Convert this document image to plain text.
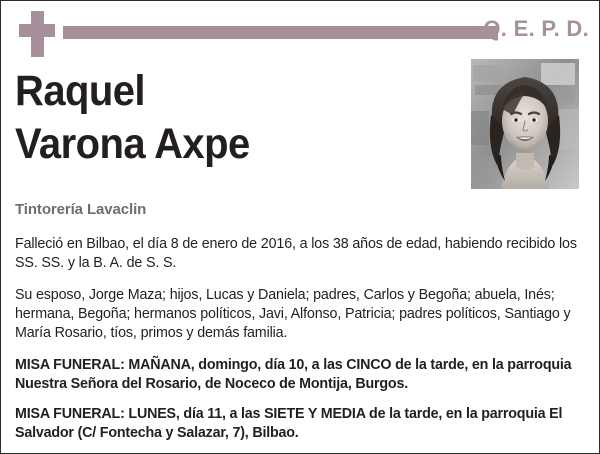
Q. E. P. D.
Raquel
Varona Axpe
Tintorería Lavaclin

Falleció en Bilbao, el día 8 de enero de 2016, a los 38 años de edad, habiendo recibido los SS. SS. y la B. A. de S. S.

Su esposo, Jorge Maza; hijos, Lucas y Daniela; padres, Carlos y Begoña; abuela, Inés; hermana, Begoña; hermanos políticos, Javi, Alfonso, Patricia; padres políticos, Santiago y María Rosario, tíos, primos y demás familia.

MISA FUNERAL: MAÑANA, domingo, día 10, a las CINCO de la tarde, en la parroquia Nuestra Señora del Rosario, de Noceco de Montija, Burgos.

MISA FUNERAL: LUNES, día 11, a las SIETE Y MEDIA de la tarde, en la parroquia El Salvador (C/ Fontecha y Salazar, 7), Bilbao.
